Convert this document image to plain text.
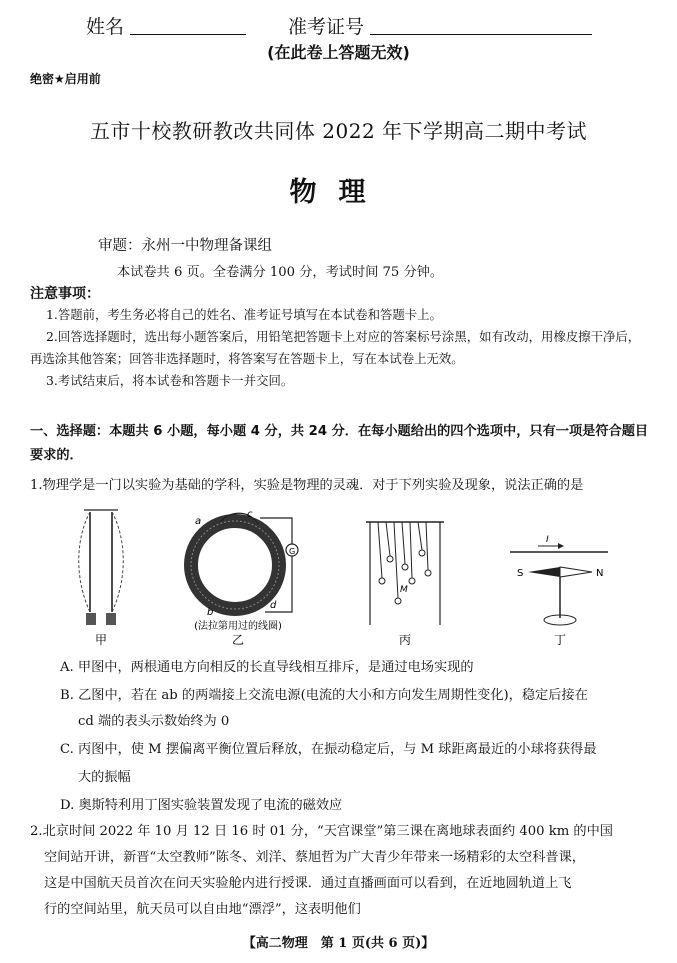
姓名	准考证号
(在此卷上答题无效)
绝密★启用前
五市十校教研教改共同体 2022 年下学期高二期中考试
物理
审题：永州一中物理备课组
本试卷共 6 页。全卷满分 100 分，考试时间 75 分钟。
注意事项：
1.答题前，考生务必将自己的姓名、准考证号填写在本试卷和答题卡上。
2.回答选择题时，选出每小题答案后，用铅笔把答题卡上对应的答案标号涂黑，如有改动，用橡皮擦干净后，再选涂其他答案；回答非选择题时，将答案写在答题卡上，写在本试卷上无效。
3.考试结束后，将本试卷和答题卡一并交回。
一、选择题：本题共 6 小题，每小题 4 分，共 24 分．在每小题给出的四个选项中，只有一项是符合题目要求的．
1.物理学是一门以实验为基础的学科，实验是物理的灵魂．对于下列实验及现象，说法正确的是
甲
a
c
G
b
d
(法拉第用过的线圈)
乙
M
丙
I
S	N
丁
A. 甲图中，两根通电方向相反的长直导线相互排斥，是通过电场实现的
B. 乙图中，若在 ab 的两端接上交流电源(电流的大小和方向发生周期性变化)，稳定后接在
cd 端的表头示数始终为 0
C. 丙图中，使 M 摆偏离平衡位置后释放，在振动稳定后，与 M 球距离最近的小球将获得最
大的振幅
D. 奥斯特利用丁图实验装置发现了电流的磁效应
2.北京时间 2022 年 10 月 12 日 16 时 01 分，“天宫课堂”第三课在离地球表面约 400 km 的中国
空间站开讲，新晋“太空教师”陈冬、刘洋、蔡旭哲为广大青少年带来一场精彩的太空科普课，
这是中国航天员首次在问天实验舱内进行授课．通过直播画面可以看到，在近地圆轨道上飞
行的空间站里，航天员可以自由地“漂浮”，这表明他们
【高二物理　第 1 页(共 6 页)】
